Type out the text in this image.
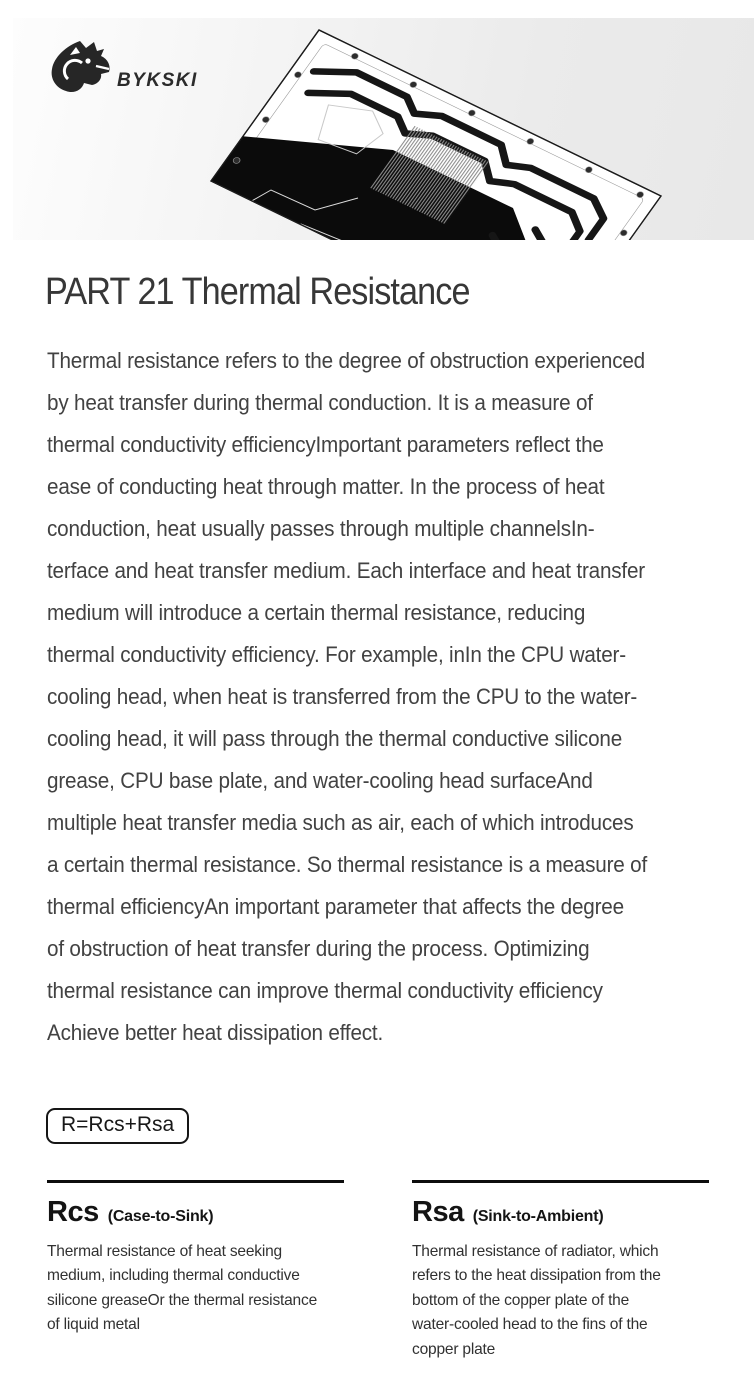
BYKSKI
PART 21 Thermal Resistance
Thermal resistance refers to the degree of obstruction experienced
by heat transfer during thermal conduction. It is a measure of
thermal conductivity efficiencyImportant parameters reflect the
ease of conducting heat through matter. In the process of heat
conduction, heat usually passes through multiple channelsIn-
terface and heat transfer medium. Each interface and heat transfer
medium will introduce a certain thermal resistance, reducing
thermal conductivity efficiency. For example, inIn the CPU water-
cooling head, when heat is transferred from the CPU to the water-
cooling head, it will pass through the thermal conductive silicone
grease, CPU base plate, and water-cooling head surfaceAnd
multiple heat transfer media such as air, each of which introduces
a certain thermal resistance. So thermal resistance is a measure of
thermal efficiencyAn important parameter that affects the degree
of obstruction of heat transfer during the process. Optimizing
thermal resistance can improve thermal conductivity efficiency
Achieve better heat dissipation effect.
R=Rcs+Rsa
Rcs (Case-to-Sink)
Thermal resistance of heat seeking
medium, including thermal conductive
silicone greaseOr the thermal resistance
of liquid metal
Rsa (Sink-to-Ambient)
Thermal resistance of radiator, which
refers to the heat dissipation from the
bottom of the copper plate of the
water-cooled head to the fins of the
copper plate
